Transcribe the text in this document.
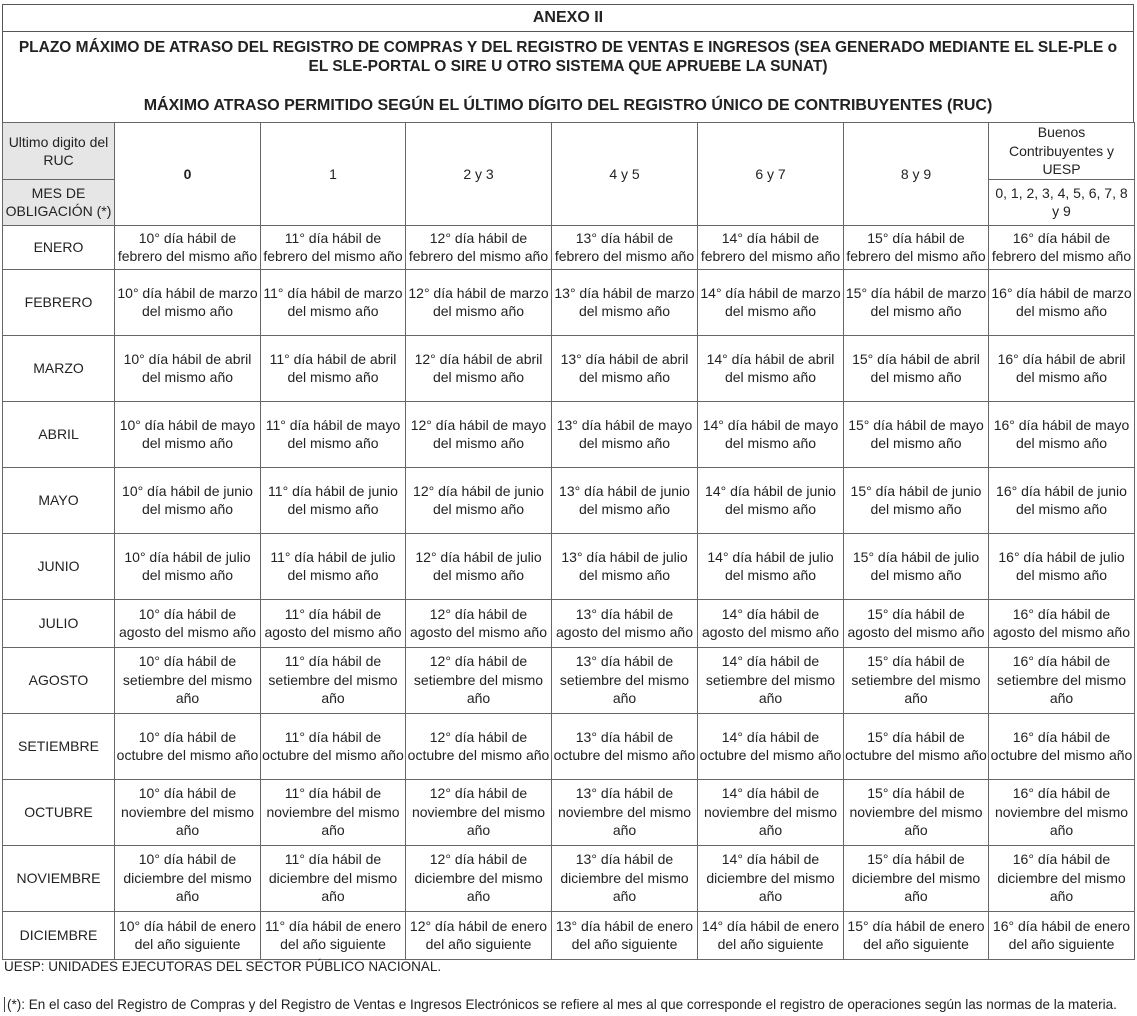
ANEXO II
PLAZO MÁXIMO DE ATRASO DEL REGISTRO DE COMPRAS Y DEL REGISTRO DE VENTAS E INGRESOS (SEA GENERADO MEDIANTE EL SLE-PLE o EL SLE-PORTAL O SIRE U OTRO SISTEMA QUE APRUEBE LA SUNAT)
MÁXIMO ATRASO PERMITIDO SEGÚN EL ÚLTIMO DÍGITO DEL REGISTRO ÚNICO DE CONTRIBUYENTES (RUC)
Ultimo digito del RUC	0	1	2 y 3	4 y 5	6 y 7	8 y 9	Buenos Contribuyentes y UESP
MES DE OBLIGACIÓN (*)							0, 1, 2, 3, 4, 5, 6, 7, 8 y 9
ENERO	10° día hábil de febrero del mismo año	11° día hábil de febrero del mismo año	12° día hábil de febrero del mismo año	13° día hábil de febrero del mismo año	14° día hábil de febrero del mismo año	15° día hábil de febrero del mismo año	16° día hábil de febrero del mismo año
FEBRERO	10° día hábil de marzo del mismo año	11° día hábil de marzo del mismo año	12° día hábil de marzo del mismo año	13° día hábil de marzo del mismo año	14° día hábil de marzo del mismo año	15° día hábil de marzo del mismo año	16° día hábil de marzo del mismo año
MARZO	10° día hábil de abril del mismo año	11° día hábil de abril del mismo año	12° día hábil de abril del mismo año	13° día hábil de abril del mismo año	14° día hábil de abril del mismo año	15° día hábil de abril del mismo año	16° día hábil de abril del mismo año
ABRIL	10° día hábil de mayo del mismo año	11° día hábil de mayo del mismo año	12° día hábil de mayo del mismo año	13° día hábil de mayo del mismo año	14° día hábil de mayo del mismo año	15° día hábil de mayo del mismo año	16° día hábil de mayo del mismo año
MAYO	10° día hábil de junio del mismo año	11° día hábil de junio del mismo año	12° día hábil de junio del mismo año	13° día hábil de junio del mismo año	14° día hábil de junio del mismo año	15° día hábil de junio del mismo año	16° día hábil de junio del mismo año
JUNIO	10° día hábil de julio del mismo año	11° día hábil de julio del mismo año	12° día hábil de julio del mismo año	13° día hábil de julio del mismo año	14° día hábil de julio del mismo año	15° día hábil de julio del mismo año	16° día hábil de julio del mismo año
JULIO	10° día hábil de agosto del mismo año	11° día hábil de agosto del mismo año	12° día hábil de agosto del mismo año	13° día hábil de agosto del mismo año	14° día hábil de agosto del mismo año	15° día hábil de agosto del mismo año	16° día hábil de agosto del mismo año
AGOSTO	10° día hábil de setiembre del mismo año	11° día hábil de setiembre del mismo año	12° día hábil de setiembre del mismo año	13° día hábil de setiembre del mismo año	14° día hábil de setiembre del mismo año	15° día hábil de setiembre del mismo año	16° día hábil de setiembre del mismo año
SETIEMBRE	10° día hábil de octubre del mismo año	11° día hábil de octubre del mismo año	12° día hábil de octubre del mismo año	13° día hábil de octubre del mismo año	14° día hábil de octubre del mismo año	15° día hábil de octubre del mismo año	16° día hábil de octubre del mismo año
OCTUBRE	10° día hábil de noviembre del mismo año	11° día hábil de noviembre del mismo año	12° día hábil de noviembre del mismo año	13° día hábil de noviembre del mismo año	14° día hábil de noviembre del mismo año	15° día hábil de noviembre del mismo año	16° día hábil de noviembre del mismo año
NOVIEMBRE	10° día hábil de diciembre del mismo año	11° día hábil de diciembre del mismo año	12° día hábil de diciembre del mismo año	13° día hábil de diciembre del mismo año	14° día hábil de diciembre del mismo año	15° día hábil de diciembre del mismo año	16° día hábil de diciembre del mismo año
DICIEMBRE	10° día hábil de enero del año siguiente	11° día hábil de enero del año siguiente	12° día hábil de enero del año siguiente	13° día hábil de enero del año siguiente	14° día hábil de enero del año siguiente	15° día hábil de enero del año siguiente	16° día hábil de enero del año siguiente
UESP: UNIDADES EJECUTORAS DEL SECTOR PÚBLICO NACIONAL.
(*): En el caso del Registro de Compras y del Registro de Ventas e Ingresos Electrónicos se refiere al mes al que corresponde el registro de operaciones según las normas de la materia.
